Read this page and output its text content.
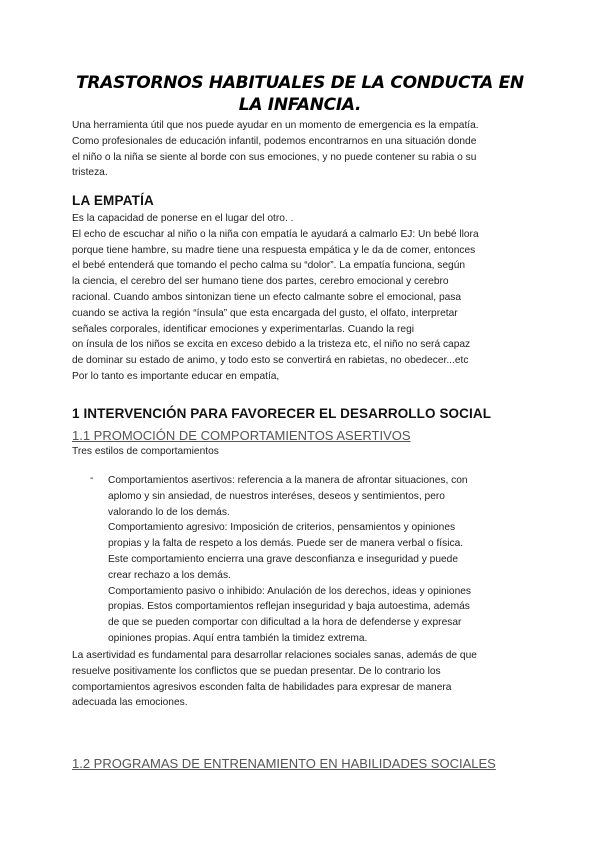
TRASTORNOS HABITUALES DE LA CONDUCTA EN LA INFANCIA.
Una herramienta útil que nos puede ayudar en un momento de emergencia es la empatía.
Como profesionales de educación infantil, podemos encontrarnos en una situación donde
el niño o la niña se siente al borde con sus emociones, y no puede contener su rabia o su
tristeza.
LA EMPATÍA
Es la capacidad de ponerse en el lugar del otro. .
El echo de escuchar al niño o la niña con empatía le ayudará a calmarlo EJ: Un bebé llora
porque tiene hambre, su madre tiene una respuesta empática y le da de comer, entonces
el bebé entenderá que tomando el pecho calma su “dolor”. La empatía funciona, según
la ciencia, el cerebro del ser humano tiene dos partes, cerebro emocional y cerebro
racional. Cuando ambos sintonizan tiene un efecto calmante sobre el emocional, pasa
cuando se activa la región “ínsula” que esta encargada del gusto, el olfato, interpretar
señales corporales, identificar emociones y experimentarlas. Cuando la regi
on ínsula de los niños se excita en exceso debido a la tristeza etc, el niño no será capaz
de dominar su estado de animo, y todo esto se convertirá en rabietas, no obedecer...etc
Por lo tanto es importante educar en empatía,
1 INTERVENCIÓN PARA FAVORECER EL DESARROLLO SOCIAL
1.1 PROMOCIÓN DE COMPORTAMIENTOS ASERTIVOS
Tres estilos de comportamientos
- Comportamientos asertivos: referencia a la manera de afrontar situaciones, con
aplomo y sin ansiedad, de nuestros interéses, deseos y sentimientos, pero
valorando lo de los demás.

Comportamiento agresivo: Imposición de criterios, pensamientos y opiniones
propias y la falta de respeto a los demás. Puede ser de manera verbal o física.
Este comportamiento encierra una grave desconfianza e inseguridad y puede
crear rechazo a los demás.

Comportamiento pasivo o inhibido: Anulación de los derechos, ideas y opiniones
propias. Estos comportamientos reflejan inseguridad y baja autoestima, además
de que se pueden comportar con dificultad a la hora de defenderse y expresar
opiniones propias. Aquí entra también la timidez extrema.

La asertividad es fundamental para desarrollar relaciones sociales sanas, además de que
resuelve positivamente los conflictos que se puedan presentar. De lo contrario los
comportamientos agresivos esconden falta de habilidades para expresar de manera
adecuada las emociones.
1.2 PROGRAMAS DE ENTRENAMIENTO EN HABILIDADES SOCIALES
